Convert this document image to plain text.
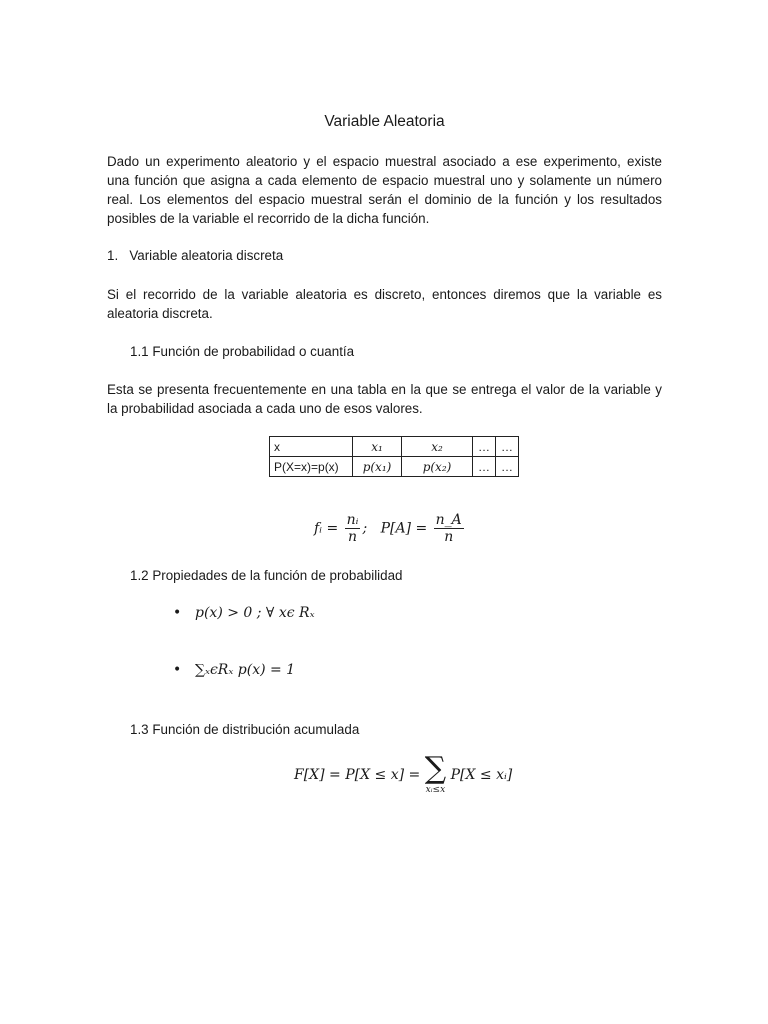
Variable Aleatoria
Dado un experimento aleatorio y el espacio muestral asociado a ese experimento, existe
una función que asigna a cada elemento de espacio muestral uno y solamente un número
real. Los elementos del espacio muestral serán el dominio de la función y los resultados
posibles de la variable el recorrido de la dicha función.
1.   Variable aleatoria discreta
Si el recorrido de la variable aleatoria es discreto, entonces diremos que la variable es
aleatoria discreta.
1.1 Función de probabilidad o cuantía
Esta se presenta frecuentemente en una tabla en la que se entrega el valor de la variable y
la probabilidad asociada a cada uno de esos valores.
x	x₁	x₂	…	…
P(X=x)=p(x)	p(x₁)	p(x₂)	…	…
fᵢ = $\frac{\text{nᵢ}}{n}$ ; $P[A] = \frac{n\_A}{n}$
1.2 Propiedades de la función de probabilidad
• p(x) > 0 ; ∀ xϵ Rₓ
• ∑ₓϵRₓ p(x) = 1
1.3 Función de distribución acumulada
F[X] = P[X ≤ x] = ∑
xᵢ≤x
P[X ≤ xᵢ]
